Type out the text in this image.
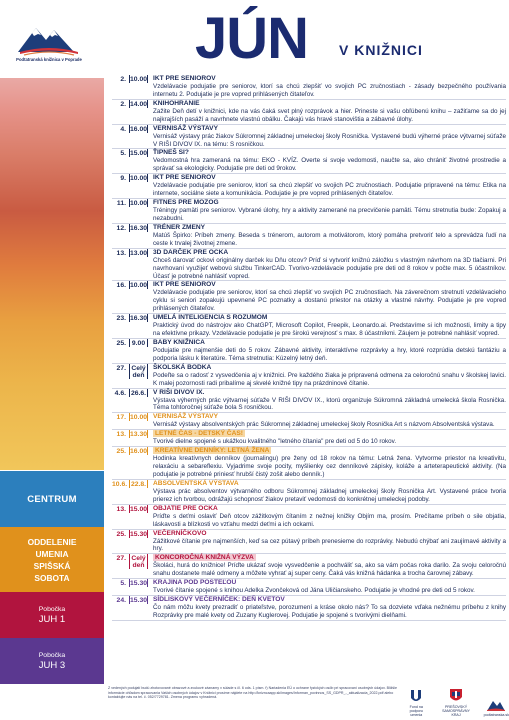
Podtatranská knižnica v Poprade
CENTRUM
ODDELENIE
UMENIA
SPIŠSKÁ
SOBOTA
Pobočka
JUH 1
Pobočka
JUH 3
JÚN V KNIŽNICI
2. 10.00 IKT PRE SENIOROV
Vzdelávacie podujatie pre seniorov, ktorí sa chcú zlepšiť vo svojich PC zručnostiach - zásady bezpečného používania internetu 2. Podujatie je pre vopred prihlásených čitateľov.
2. 14.00 KNIHOHRANIE
Zažite Deň detí v knižnici, kde na vás čaká svet plný rozprávok a hier. Prineste si vašu obľúbenú knihu – zažiťame sa do jej najkrajších pasáží a navrhnete vlastnú obálku. Čakajú vás hravé stanovištia a zábavné úlohy.
4. 16.00 VERNISÁŽ VÝSTAVY
Vernisáž výstavy prác žiakov Súkromnej základnej umeleckej školy Rosnička. Vystavené budú výherné práce výtvarnej súťaže V RIŠI DIVOV IX. na tému: S rosničkou.
5. 15.00 ŤIPNEŠ SI?
Vedomostná hra zameraná na tému: EKO - KVÍZ. Overte si svoje vedomosti, naučte sa, ako chrániť životné prostredie a správať sa ekologicky. Podujatie pre deti od 9rokov.
9. 10.00 IKT PRE SENIOROV
Vzdelávacie podujatie pre seniorov, ktorí sa chcú zlepšiť vo svojich PC zručnostiach. Podujatie pripravené na tému: Etika na internete, sociálne siete a komunikácia. Podujatie je pre vopred prihlásených čitateľov.
11. 10.00 FITNES PRE MOZOG
Tréningy pamäti pre seniorov. Vybrané úlohy, hry a aktivity zamerané na precvičenie pamäti. Tému stretnutia bude: Zopakuj a nezabudni.
12. 16.30 TRÉNER ZMENY
Matúš Špirko: Príbeh zmeny. Beseda s trénerom, autorom a motivátorom, ktorý pomáha pretvoriť telo a sprevádza ľudí na ceste k trvalej životnej zmene.
13. 13.00 3D DARČEK PRE OCKA
Chceš darovať ockovi originálny darček ku Dňu otcov? Príď si vytvoriť knižnú záložku s vlastným návrhom na 3D tlačiarni. Pri navrhovaní využijeť webovú službu TinkerCAD. Tvorivo-vzdelávacie podujatie pre deti od 8 rokov v počte max. 5 účastníkov. Účasť je potrebné nahlásiť vopred.
16. 10.00 IKT PRE SENIOROV
Vzdelávacie podujatie pre seniorov, ktorí sa chcú zlepšiť vo svojich PC zručnostiach. Na záverečnom stretnutí vzdelávacieho cyklu si seniori zopakujú upevnené PC poznatky a dostanú priestor na otázky a vlastné návrhy. Podujatie je pre vopred prihlásených čitateľov.
23. 16.30 UMELÁ INTELIGENCIA S ROZUMOM
Praktický úvod do nástrojov ako ChatGPT, Microsoft Copilot, Freepik, Leonardo.ai. Predstavíme si ich možnosti, limity a tipy na efektívne prikazy. Vzdelávacie podujatie je pre širokú verejnosť s max. 8 účastníkmi. Záujem je potrebné nahlásiť vopred.
25. 9.00	BABY KNIŽNICA
Podujatie pre najmenšie deti do 5 rokov. Zábavné aktivity, interaktívne rozprávky a hry, ktoré rozprúdia detskú fantáziu a podporia lásku k literatúre. Téma stretnutia: Kúzelný letný deň.
27. Celý deň
ŠKOLSKÁ BODKA
Podeľte sa o radosť z vysvedčenia aj v knižnici. Pre každého žiaka je pripravená odmena za celoročnú snahu v školskej lavici. K malej pozornosti radi pribalíme aj skvelé knižné tipy na prázdninové čítanie.
4.6. 26.6. V RIŠI DIVOV IX.
Výstava výherných prác výtvarnej súťaže V RIŠI DIVOV IX., ktorú organizuje Súkromná základná umelecká škola Rosnička. Téma tohtoročnej súťaže bola S rosničkou.
17. 10.00 VERNISÁŽ VÝSTAVY
Vernisáž výstavy absolventských prác Súkromnej základnej umeleckej školy Rosnička Art s názvom Absolventská výstava.
13. 13.30	LETNÉ ČAS - DETSKÝ ČAS!
Tvorivé dielne spojené s ukážkou kvalitného "letného čítania" pre deti od 5 do 10 rokov.
25. 16.00	KREATÍVNE DENNÍKY: LETNÁ ŽENA
Hodinka kreatívnych denníkov (journalingu) pre ženy od 18 rokov na tému: Letná žena. Vytvorme priestor na kreativitu, relaxáciu a sebareflexiu. Vyjadrime svoje pocity, myšlienky cez denníkové zápisky, koláže a arteterapeutické aktivity. (Na podujatie je potrebné priniesť hrubší čistý zošit alebo denník.)
10.6. 22.8. ABSOLVENTSKÁ VÝSTAVA
Výstava prác absolventov výtvarného odboru Súkromnej základnej umeleckej školy Rosnička Art. Vystavené práce tvoria prierez ich tvorbou, odrážajú schopnosť žiakov pretaviť vedomosti do konkrétnej umeleckej podoby.
13. 15.00 OBJATIE PRE OCKA
Príďte s deťmi oslaviť Deň otcov zážitkovým čítaním z nežnej knižky Objím ma, prosím. Prečítame príbeh o sile objatia, láskavosti a blízkosti vo vzťahu medzi deťmi a ich ockami.
25. 15.30 VEČERNÍČKOVO
Zážitkové čítanie pre najmenších, keď sa cez pútavý príbeh prenesieme do rozprávky. Nebudú chýbať ani zaujímavé aktivity a hry.
27. Celý deň
KONCOROČNÁ KNIŽNÁ VÝZVA
Školáci, hurá do knižnice! Príďte ukázať svoje vysvedčenie a pochváliť sa, ako sa vám počas roka darilo. Za svoju celoročnú snahu dostanete malé odmeny a môžete vyhrať aj super ceny. Čaká vás knižná hádanka a trocha čarovnej zábavy.
5. 15.30 KRAJINA POD POSTEĽOU
Tvorivé čítanie spojené s knihou Adelka Zvončeková od Jána Uličianskeho. Podujatie je vhodné pre deti od 5 rokov.
24. 15.30 SÍDLISKOVÝ VEČERNÍČEK: DEŇ KVETOV
Čo nám môžu kvety prezradiť o priateľstve, porozumení a kráse okolo nás? To sa dozviete vďaka nežnému príbehu z knihy Rozprávky pre malé kvety od Zuzany Kuglerovej. Podujatie je spojené s tvorivými dielňami.
Z vedených podujatí budú zhotovované obrazové a zvukové záznamy v súlade s čl. 6 ods. 1 písm. f) Nariadenia EÚ o ochrane fyzických osôb pri spracovaní osobných údajov. Bližšie informácie ohľadom spracovania Vašich osobných údajov v Knižnici prosíme nájdete na http://knizncaapp.sk/images/Informan_povinnos_SS_GDPR_-_aktualizacia_2022.pdf alebo kontaktujte nás na tel. č. 052/7729781. Zmena programu vyhradená.
Fond na podporu umenia
PREŠOVSKÝ SAMOSPRÁVNY KRAJ	podtatranska.sk
